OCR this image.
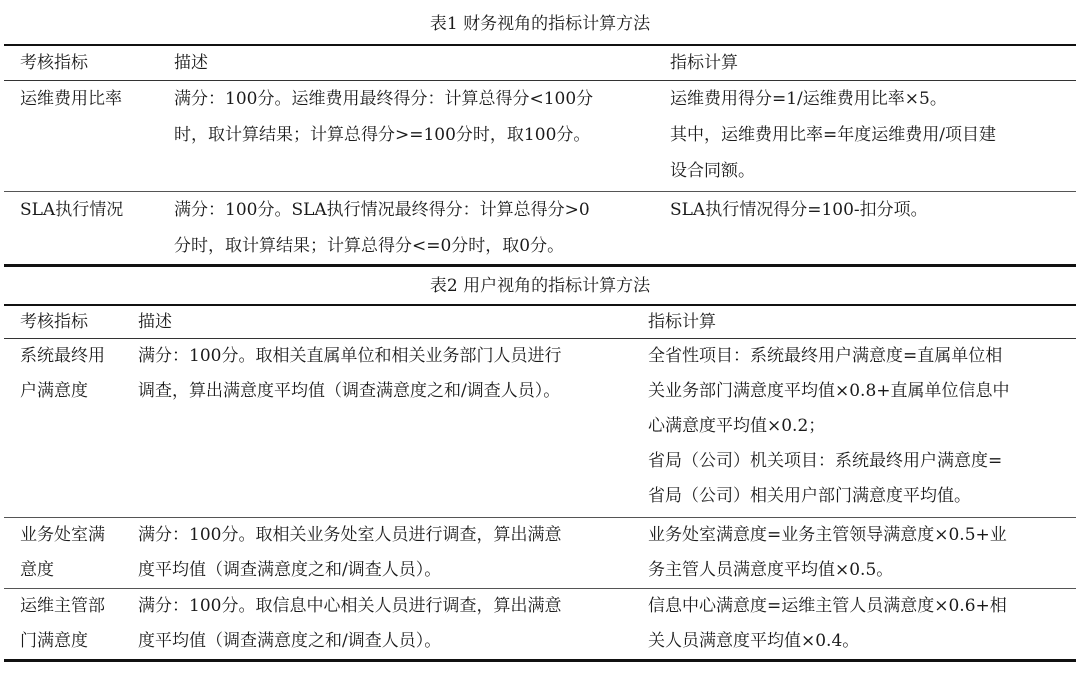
表1 财务视角的指标计算方法
考核指标	描述	指标计算

运维费用比率	满分：100分。运维费用最终得分：计算总得分<100分
时，取计算结果；计算总得分>=100分时，取100分。	运维费用得分=1/运维费用比率×5。
其中，运维费用比率=年度运维费用/项目建
设合同额。

SLA执行情况	满分：100分。SLA执行情况最终得分：计算总得分>0
分时，取计算结果；计算总得分<=0分时，取0分。	SLA执行情况得分=100-扣分项。
表2 用户视角的指标计算方法
考核指标	描述	指标计算

系统最终用
户满意度	满分：100分。取相关直属单位和相关业务部门人员进行
调查，算出满意度平均值（调查满意度之和/调查人员）。	全省性项目：系统最终用户满意度=直属单位相
关业务部门满意度平均值×0.8+直属单位信息中
心满意度平均值×0.2；
省局（公司）机关项目：系统最终用户满意度=
省局（公司）相关用户部门满意度平均值。

业务处室满
意度	满分：100分。取相关业务处室人员进行调查，算出满意
度平均值（调查满意度之和/调查人员）。	业务处室满意度=业务主管领导满意度×0.5+业
务主管人员满意度平均值×0.5。

运维主管部
门满意度	满分：100分。取信息中心相关人员进行调查，算出满意
度平均值（调查满意度之和/调查人员）。	信息中心满意度=运维主管人员满意度×0.6+相
关人员满意度平均值×0.4。
